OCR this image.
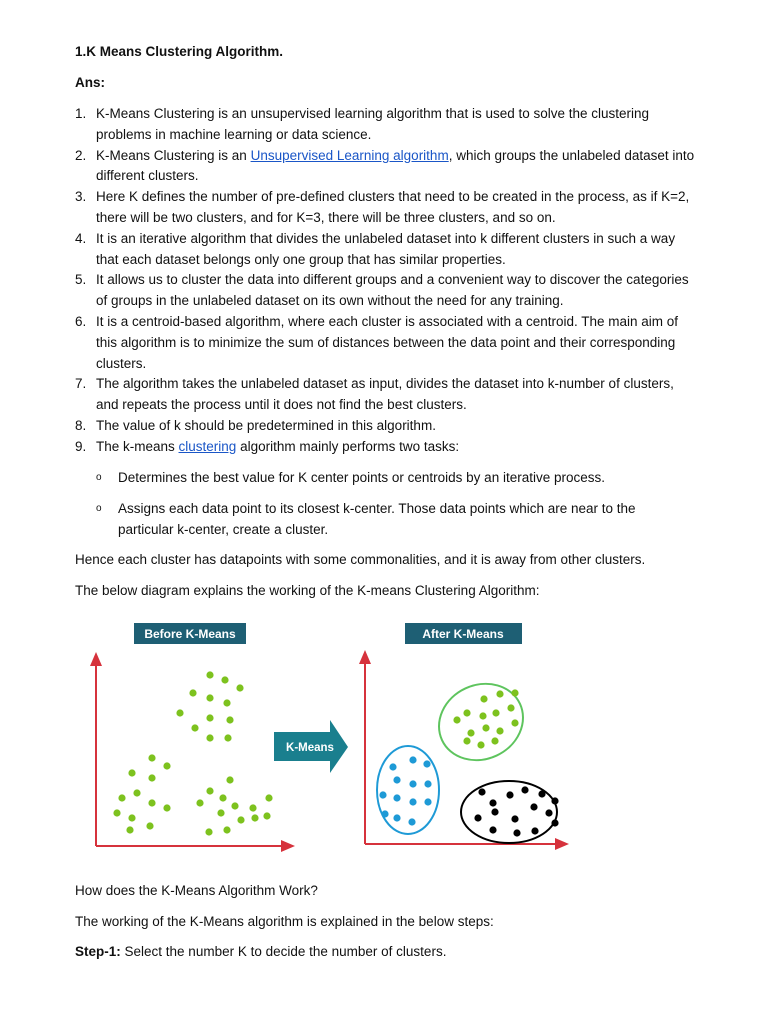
1.K Means Clustering Algorithm.
Ans:
1. K-Means Clustering is an unsupervised learning algorithm that is used to solve the clustering problems in machine learning or data science.
2. K-Means Clustering is an Unsupervised Learning algorithm, which groups the unlabeled dataset into different clusters.
3. Here K defines the number of pre-defined clusters that need to be created in the process, as if K=2, there will be two clusters, and for K=3, there will be three clusters, and so on.
4. It is an iterative algorithm that divides the unlabeled dataset into k different clusters in such a way that each dataset belongs only one group that has similar properties.
5. It allows us to cluster the data into different groups and a convenient way to discover the categories of groups in the unlabeled dataset on its own without the need for any training.
6. It is a centroid-based algorithm, where each cluster is associated with a centroid. The main aim of this algorithm is to minimize the sum of distances between the data point and their corresponding clusters.
7. The algorithm takes the unlabeled dataset as input, divides the dataset into k-number of clusters, and repeats the process until it does not find the best clusters.
8. The value of k should be predetermined in this algorithm.
9. The k-means clustering algorithm mainly performs two tasks:
o Determines the best value for K center points or centroids by an iterative process.
o Assigns each data point to its closest k-center. Those data points which are near to the particular k-center, create a cluster.
Hence each cluster has datapoints with some commonalities, and it is away from other clusters.
The below diagram explains the working of the K-means Clustering Algorithm:
Before K-Means
K-Means
After K-Means
How does the K-Means Algorithm Work?
The working of the K-Means algorithm is explained in the below steps:
Step-1: Select the number K to decide the number of clusters.
